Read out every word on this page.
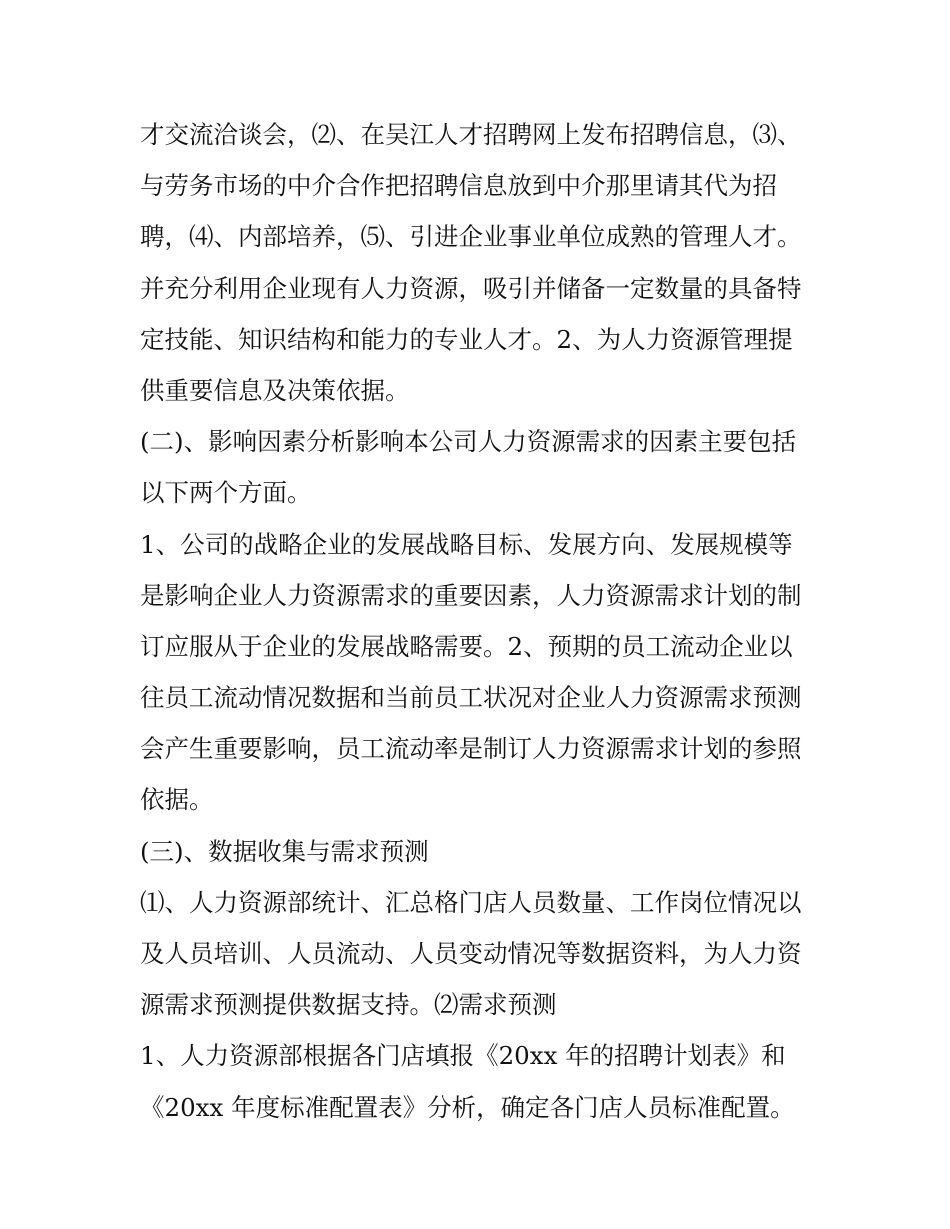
才交流洽谈会，⑵、在吴江人才招聘网上发布招聘信息，⑶、
与劳务市场的中介合作把招聘信息放到中介那里请其代为招
聘，⑷、内部培养，⑸、引进企业事业单位成熟的管理人才。
并充分利用企业现有人力资源，吸引并储备一定数量的具备特
定技能、知识结构和能力的专业人才。2、为人力资源管理提
供重要信息及决策依据。
(二)、影响因素分析影响本公司人力资源需求的因素主要包括
以下两个方面。
1、公司的战略企业的发展战略目标、发展方向、发展规模等
是影响企业人力资源需求的重要因素，人力资源需求计划的制
订应服从于企业的发展战略需要。2、预期的员工流动企业以
往员工流动情况数据和当前员工状况对企业人力资源需求预测
会产生重要影响，员工流动率是制订人力资源需求计划的参照
依据。
(三)、数据收集与需求预测
⑴、人力资源部统计、汇总格门店人员数量、工作岗位情况以
及人员培训、人员流动、人员变动情况等数据资料，为人力资
源需求预测提供数据支持。⑵需求预测
1、人力资源部根据各门店填报《20xx 年的招聘计划表》和
《20xx 年度标准配置表》分析，确定各门店人员标准配置。
